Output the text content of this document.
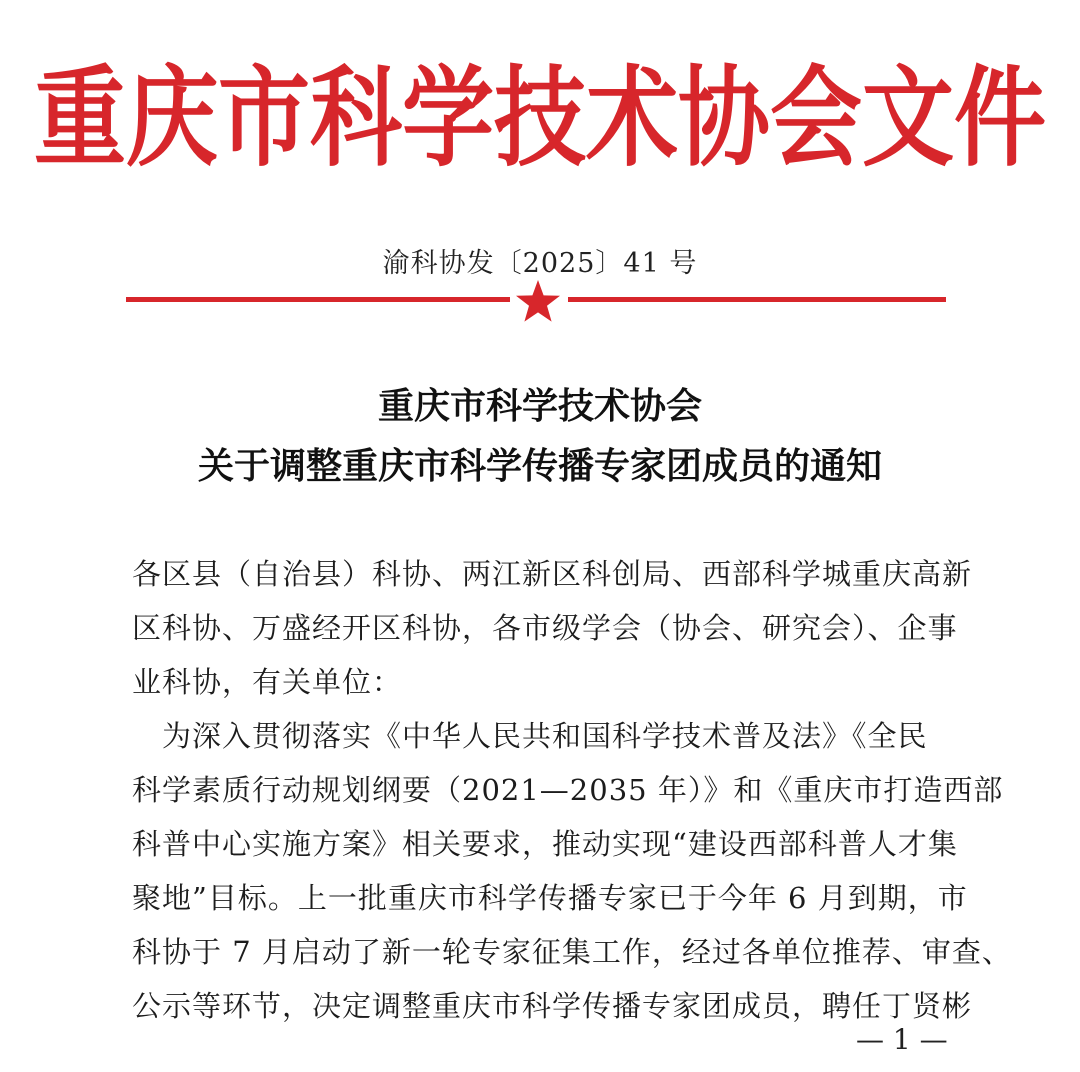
重庆市科学技术协会文件
渝科协发〔2025〕41 号
重庆市科学技术协会
关于调整重庆市科学传播专家团成员的通知
各区县（自治县）科协、两江新区科创局、西部科学城重庆高新
区科协、万盛经开区科协，各市级学会（协会、研究会）、企事
业科协，有关单位：
　为深入贯彻落实《中华人民共和国科学技术普及法》《全民
科学素质行动规划纲要（2021—2035 年）》和《重庆市打造西部
科普中心实施方案》相关要求，推动实现“建设西部科普人才集
聚地”目标。上一批重庆市科学传播专家已于今年 6 月到期，市
科协于 7 月启动了新一轮专家征集工作，经过各单位推荐、审查、
公示等环节，决定调整重庆市科学传播专家团成员，聘任丁贤彬
— 1 —
